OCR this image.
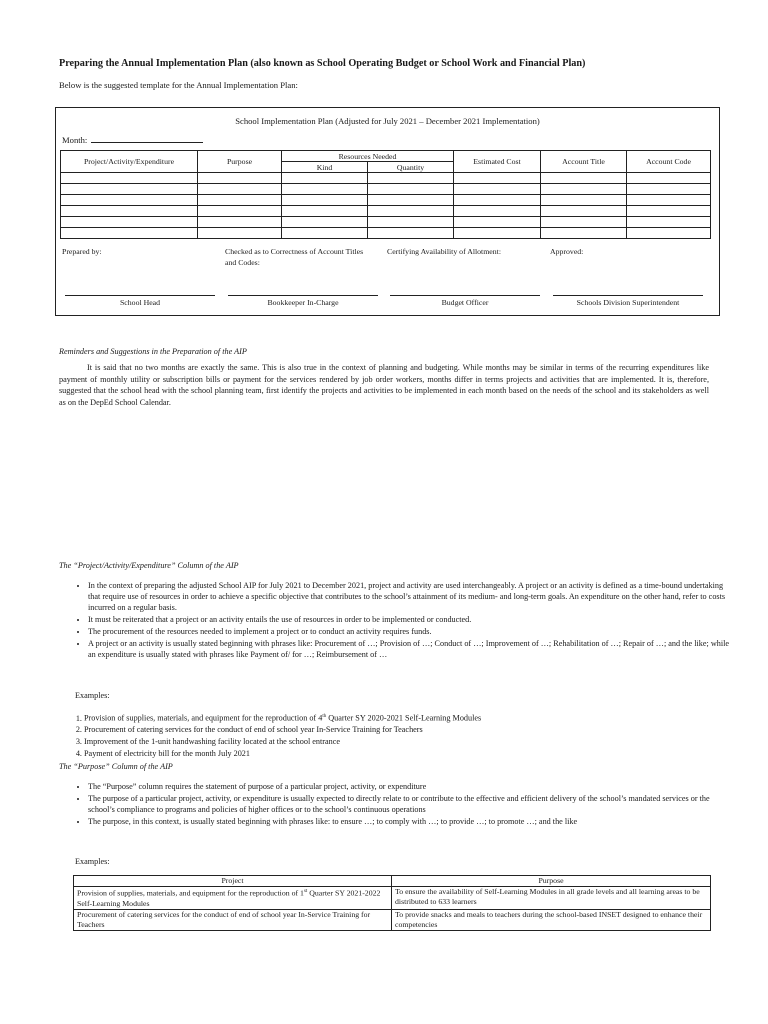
Preparing the Annual Implementation Plan (also known as School Operating Budget or School Work and Financial Plan)
Below is the suggested template for the Annual Implementation Plan:
School Implementation Plan (Adjusted for July 2021 – December 2021 Implementation)
Month:
Project/Activity/Expenditure	Purpose	Resources Needed		Estimated Cost	Account Title	Account Code
		Kind	Quantity			

Prepared by:	Checked as to Correctness of Account Titles and Codes:
Certifying Availability of Allotment:	Approved:
School Head	Bookkeeper In-Charge	Budget Officer	Schools Division Superintendent
Reminders and Suggestions in the Preparation of the AIP
It is said that no two months are exactly the same. This is also true in the context of planning and budgeting. While months may be similar in terms of the recurring expenditures like payment of monthly utility or subscription bills or payment for the services rendered by job order workers, months differ in terms projects and activities that are implemented. It is, therefore, suggested that the school head with the school planning team, first identify the projects and activities to be implemented in each month based on the needs of the school and its stakeholders as well as on the DepEd School Calendar.
The “Project/Activity/Expenditure” Column of the AIP
• In the context of preparing the adjusted School AIP for July 2021 to December 2021, project and activity are used interchangeably. A project or an activity is defined as a time-bound undertaking that require use of resources in order to achieve a specific objective that contributes to the school’s attainment of its medium- and long-term goals. An expenditure on the other hand, refer to costs incurred on a regular basis.
• It must be reiterated that a project or an activity entails the use of resources in order to be implemented or conducted.
• The procurement of the resources needed to implement a project or to conduct an activity requires funds.
• A project or an activity is usually stated beginning with phrases like: Procurement of …; Provision of …; Conduct of …; Improvement of …; Rehabilitation of …; Repair of …; and the like; while an expenditure is usually stated with phrases like Payment of/ for …; Reimbursement of …
Examples:
1. Provision of supplies, materials, and equipment for the reproduction of 4th Quarter SY 2020-2021 Self-Learning Modules
2. Procurement of catering services for the conduct of end of school year In-Service Training for Teachers
3. Improvement of the 1-unit handwashing facility located at the school entrance
4. Payment of electricity bill for the month July 2021
The “Purpose” Column of the AIP
• The “Purpose” column requires the statement of purpose of a particular project, activity, or expenditure
• The purpose of a particular project, activity, or expenditure is usually expected to directly relate to or contribute to the effective and efficient delivery of the school’s mandated services or the school’s compliance to programs and policies of higher offices or to the school’s continuous operations
• The purpose, in this context, is usually stated beginning with phrases like: to ensure …; to comply with …; to provide …; to promote …; and the like
Examples:
Project	Purpose
Provision of supplies, materials, and equipment for the reproduction of 1st Quarter SY 2021-2022 Self-Learning Modules	To ensure the availability of Self-Learning Modules in all grade levels and all learning areas to be distributed to 633 learners
Procurement of catering services for the conduct of end of school year In-Service Training for Teachers	To provide snacks and meals to teachers during the school-based INSET designed to enhance their competencies
